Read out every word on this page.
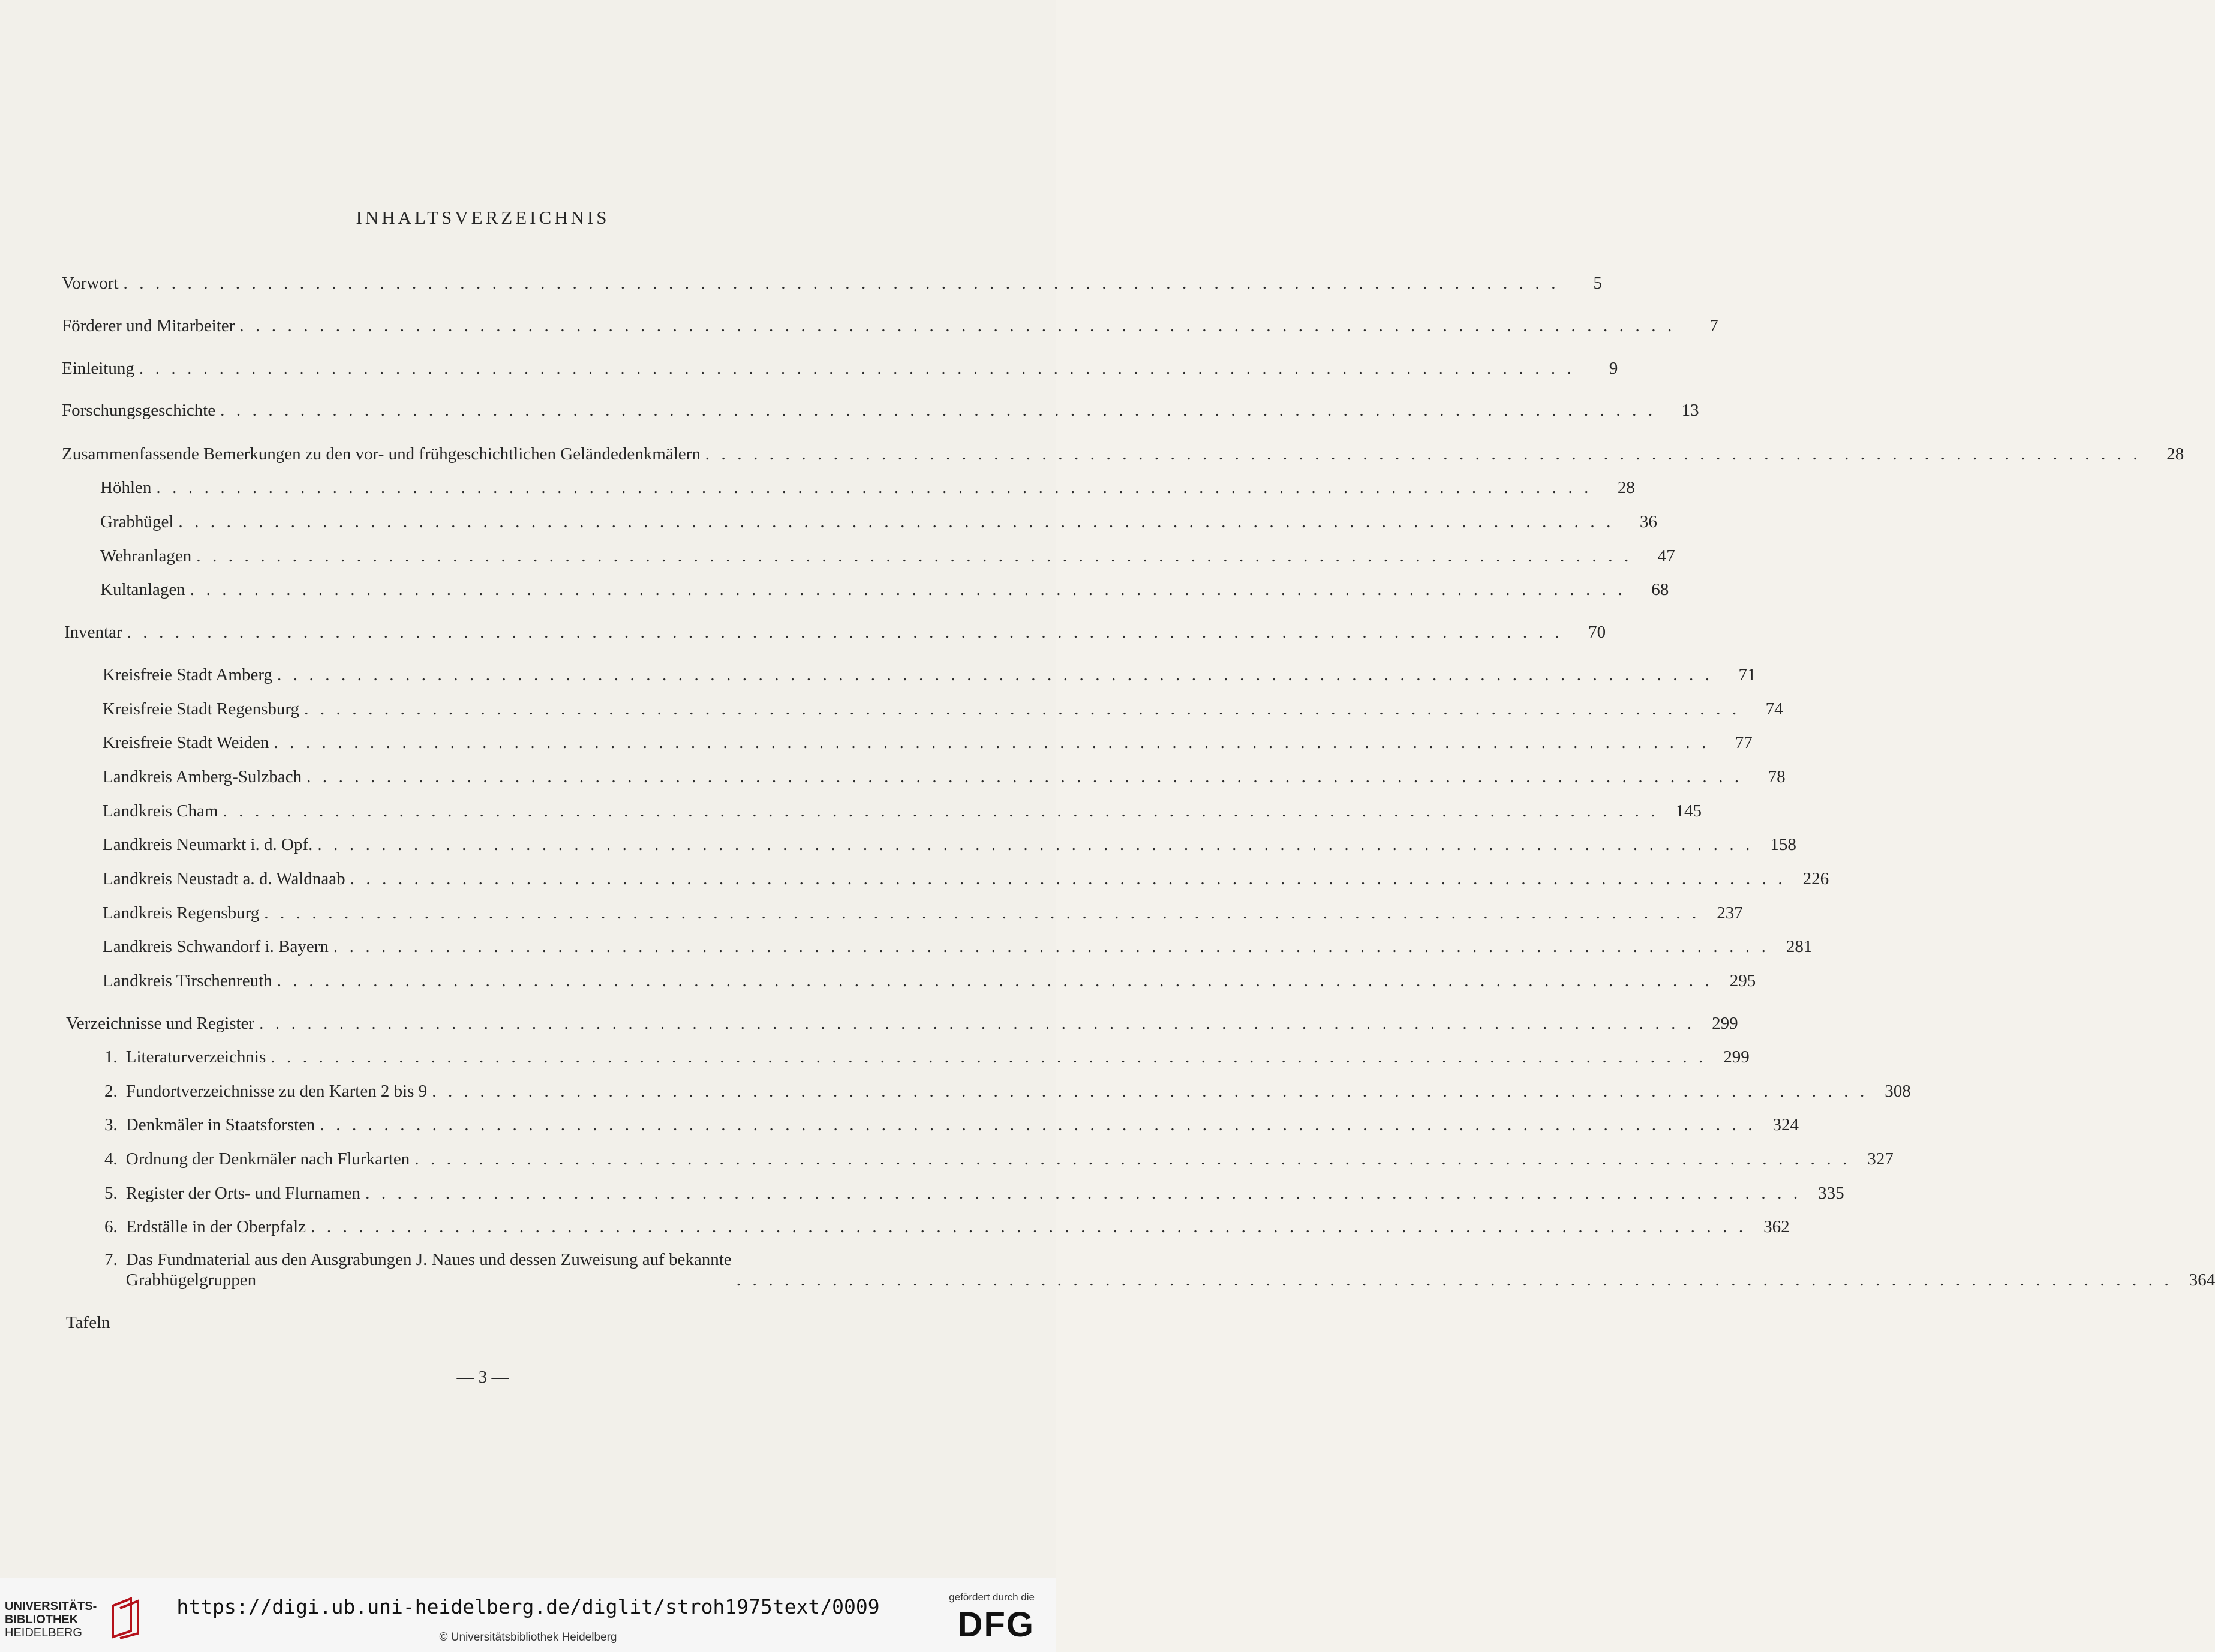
INHALTSVERZEICHNIS
Vorwort ..........................................................................................	5
Förderer und Mitarbeiter ..........................................................................................	7
Einleitung ..........................................................................................	9
Forschungsgeschichte ..........................................................................................	13
Zusammenfassende Bemerkungen zu den vor- und frühgeschichtlichen Geländedenkmälern ..........................................................................................	28
Höhlen ..........................................................................................	28
Grabhügel ..........................................................................................	36
Wehranlagen ..........................................................................................	47
Kultanlagen ..........................................................................................	68
Inventar ..........................................................................................	70
Kreisfreie Stadt Amberg ..........................................................................................	71
Kreisfreie Stadt Regensburg ..........................................................................................	74
Kreisfreie Stadt Weiden ..........................................................................................	77
Landkreis Amberg-Sulzbach ..........................................................................................	78
Landkreis Cham .......................................................................................... 145
Landkreis Neumarkt i. d. Opf. .......................................................................................... 158
Landkreis Neustadt a. d. Waldnaab .......................................................................................... 226
Landkreis Regensburg .......................................................................................... 237
Landkreis Schwandorf i. Bayern .......................................................................................... 281
Landkreis Tirschenreuth .......................................................................................... 295
Verzeichnisse und Register .......................................................................................... 299
1. Literaturverzeichnis .......................................................................................... 299
2. Fundortverzeichnisse zu den Karten 2 bis 9 .......................................................................................... 308
3. Denkmäler in Staatsforsten .......................................................................................... 324
4. Ordnung der Denkmäler nach Flurkarten .......................................................................................... 327
5. Register der Orts- und Flurnamen .......................................................................................... 335
6. Erdställe in der Oberpfalz .......................................................................................... 362
7. Das Fundmaterial aus den Ausgrabungen J. Naues und dessen Zuweisung auf bekannte
Grabhügelgruppen	.......................................................................................... 364
Tafeln
— 3 —
UNIVERSITÄTS-
BIBLIOTHEK
HEIDELBERG
https://digi.ub.uni-heidelberg.de/diglit/stroh1975text/0009
© Universitätsbibliothek Heidelberg
gefördert durch die
DFG
